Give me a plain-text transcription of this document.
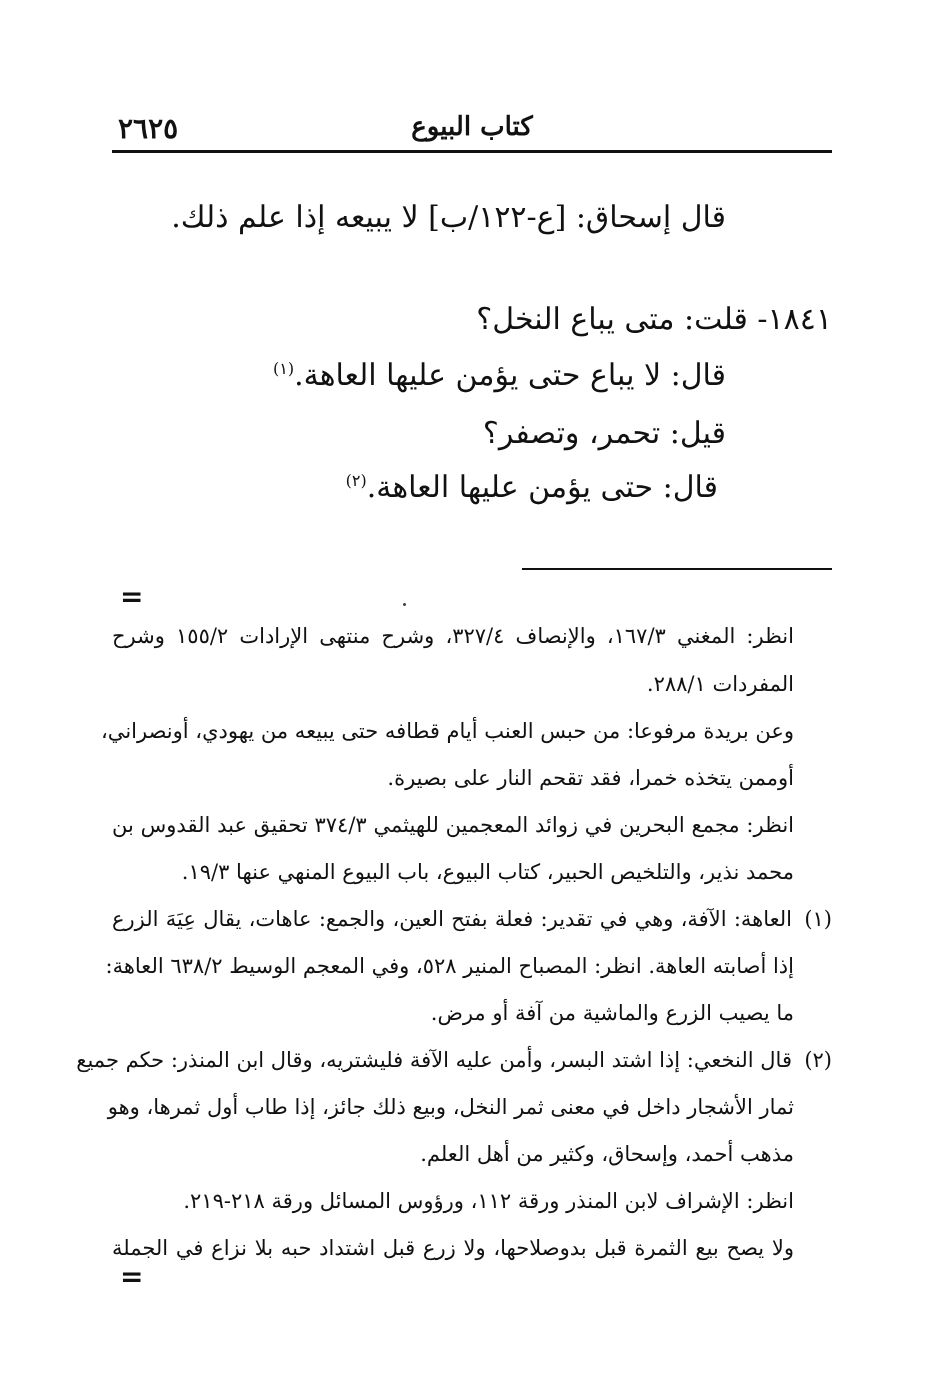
كتاب البيوع
٢٦٢٥
قال إسحاق: [ع-١٢٢/ب] لا يبيعه إذا علم ذلك.
١٨٤١- قلت: متى يباع النخل؟
قال: لا يباع حتى يؤمن عليها العاهة.$^{(١)}$
قيل: تحمر، وتصفر؟
قال: حتى يؤمن عليها العاهة.$^{(٢)}$
=
انظر: المغني ١٦٧/٣، والإنصاف ٣٢٧/٤، وشرح منتهى الإرادات ١٥٥/٢ وشرح
المفردات ٢٨٨/١.
وعن بريدة مرفوعا: من حبس العنب أيام قطافه حتى يبيعه من يهودي، أونصراني،
أوممن يتخذه خمرا، فقد تقحم النار على بصيرة.
انظر: مجمع البحرين في زوائد المعجمين للهيثمي ٣٧٤/٣ تحقيق عبد القدوس بن
محمد نذير، والتلخيص الحبير، كتاب البيوع، باب البيوع المنهي عنها ١٩/٣.
(١)
العاهة: الآفة، وهي في تقدير: فعلة بفتح العين، والجمع: عاهات، يقال عِيَهَ الزرع
إذا أصابته العاهة. انظر: المصباح المنير ٥٢٨، وفي المعجم الوسيط ٦٣٨/٢ العاهة:
ما يصيب الزرع والماشية من آفة أو مرض.
(٢)
قال النخعي: إذا اشتد البسر، وأمن عليه الآفة فليشتريه، وقال ابن المنذر: حكم جميع
ثمار الأشجار داخل في معنى ثمر النخل، وبيع ذلك جائز، إذا طاب أول ثمرها، وهو
مذهب أحمد، وإسحاق، وكثير من أهل العلم.
انظر: الإشراف لابن المنذر ورقة ١١٢، ورؤوس المسائل ورقة ٢١٨-٢١٩.
ولا يصح بيع الثمرة قبل بدوصلاحها، ولا زرع قبل اشتداد حبه بلا نزاع في الجملة
=
